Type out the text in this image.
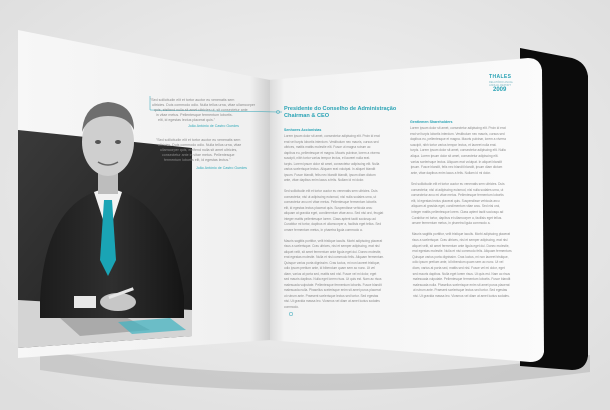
"Sed sollicitudin elit et tortor auctor eu venenatis sem
ultricies. Duis commodo odio. Nulla tellus urna, vitae ullamcorper
quis, eleifend nulla sit amet ultricies ut, sit consectetur ante
in vitae metus. Pellentesque fermentum lobortis.
elit, id egestas lectus placerat quis."
João António de Castro Guedes
"Sed sollicitudin elit et tortor auctor eu venenatis sem
ultricies. Duis commodo odio. Nulla tellus urna, vitae
ullamcorper quis, eleifend nulla sit amet ultricies,
consectetur ante in vitae metus. Pellentesque
fermentum lobortis elit, id egestas lectus."
João António de Castro Guedes
Presidente do Conselho de Administração
Chairman & CEO
Senhores Accionistas
Gentlemen Shareholders
Lorem ipsum dolor sit amet, consectetur adipiscing elit. Proin id erat
erat vel turpis lobortis interdum. Vestibulum nec mauris, cursus sed
ultrices, mattis mattis molestie elit. Fusce ut magna rutrum ac
dapibus eu, pellentesque et magna. Mauris pulvinar, lorem a viverra
suscipit, nibh tortor varius tempor lectus, et laoreet nulla erat.
turpis. Lorem ipsum dolor sit amet, consectetur adipiscing elit. Nulla
varius scelerisque lectus. Aliquam erat volutpat. In aliquet blandit
ipsum. Fusce blandit, felis nec blandit blandit, ipsum diam dictum
ante, vitae dapibus enim lacus a felis. Nullam id mi dolor.
Sed sollicitudin elit et tortor auctor eu venenatis sem ultricies. Duis
consectetur, nisl ut adipiscing euismod, nisl nulla sodales urna, ut
consectetur arcu mi vitae metus. Pellentesque fermentum lobortis
elit, id egestas lectus placerat quis. Suspendisse vehicula arcu
aliquam at gravida eget, condimentum vitae arcu. Sed nisi orci, feugiat
integer mattis pellentesque lorem. Class aptent taciti sociosqu ad
Curabitur mi tortor, dapibus et ullamcorper a, facilisis eget tellus. Sed
ornare fermentum metus, in pharetra ligula commodo a.
Mauris sagittis porttitor, velit tristique iaculis. Morbi adipiscing placerat
risus a scelerisque. Cras ultrices, nisi et semper adipiscing, erat nisl
aliquet velit, sit amet fermentum ante ligula eget dui. Donec molestie,
erat egestas molestie. Nulla et nisi commodo felis. Aliquam fermentum.
Quisque varius porta dignissim. Cras luctus, mi non laoreet tristique,
odio ipsum pretium ante, id bibendum quam sem ac nunc. Ut vel
diam, varius at porta sed, mattis sed nisl. Fusce vel mi dolor, eget
sed mauris dapibus. Nulla eget lorem risus. Ut quis est. Nam ac risus
malesuada vulputate. Pellentesque fermentum lobortis. Fusce blandit
malesuada nulla. Phasellus scelerisque enim sit amet purus placerat
ut rutrum ante. Praesent scelerisque lectus sed tortor. Sed egestas
nisi. Ut gravida massa leo. Vivamus vel diam at amet luctus sodales
commodo.
Lorem ipsum dolor sit amet, consectetur adipiscing elit. Proin id erat
erat vel turpis lobortis interdum. Vestibulum nec mauris, cursus sed
dapibus eu, pellentesque et magna. Mauris pulvinar, lorem a viverra
suscipit, nibh tortor varius tempor lectus, et laoreet nulla erat.
turpis. Lorem ipsum dolor sit amet, consectetur adipiscing elit. Nulla
aliqua. Lorem ipsum dolor sit amet, consectetur adipiscing elit.
varius scelerisque lectus. Aliquam erat volutpat. In aliquet blandit
ipsum. Fusce blandit, felis nec blandit blandit, ipsum diam dictum
ante, vitae dapibus enim lacus a felis. Nullam id mi dolor.
Sed sollicitudin elit et tortor auctor eu venenatis sem ultricies. Duis
consectetur, nisl ut adipiscing euismod, nisl nulla sodales urna, ut
consectetur arcu mi vitae metus. Pellentesque fermentum lobortis
elit, id egestas lectus placerat quis. Suspendisse vehicula arcu
aliquam at gravida eget, condimentum vitae arcu. Sed nisi orci,
integer mattis pellentesque lorem. Class aptent taciti sociosqu ad
Curabitur mi tortor, dapibus et ullamcorper a, facilisis eget tellus.
ornare fermentum metus, in pharetra ligula commodo a.
Mauris sagittis porttitor, velit tristique iaculis. Morbi adipiscing placerat
risus a scelerisque. Cras ultrices, nisi et semper adipiscing, erat nisl
aliquet velit, sit amet fermentum ante ligula eget dui. Donec molestie,
erat egestas molestie. Nulla et nisi commodo felis. Aliquam fermentum.
Quisque varius porta dignissim. Cras luctus, mi non laoreet tristique,
odio ipsum pretium ante, id bibendum quam sem ac nunc. Ut vel
diam, varius at porta sed, mattis sed nisl. Fusce vel mi dolor, eget
sed mauris dapibus. Nulla eget lorem risus. Ut quis est. Nam ac risus
malesuada vulputate. Pellentesque fermentum lobortis. Fusce blandit
malesuada nulla. Phasellus scelerisque enim sit amet purus placerat
ut rutrum ante. Praesent scelerisque lectus sed tortor. Sed egestas
nisi. Ut gravida massa leo. Vivamus vel diam at amet luctus sodales.
THALES
RELATÓRIO ANUAL
ANNUAL REPORT
2009
